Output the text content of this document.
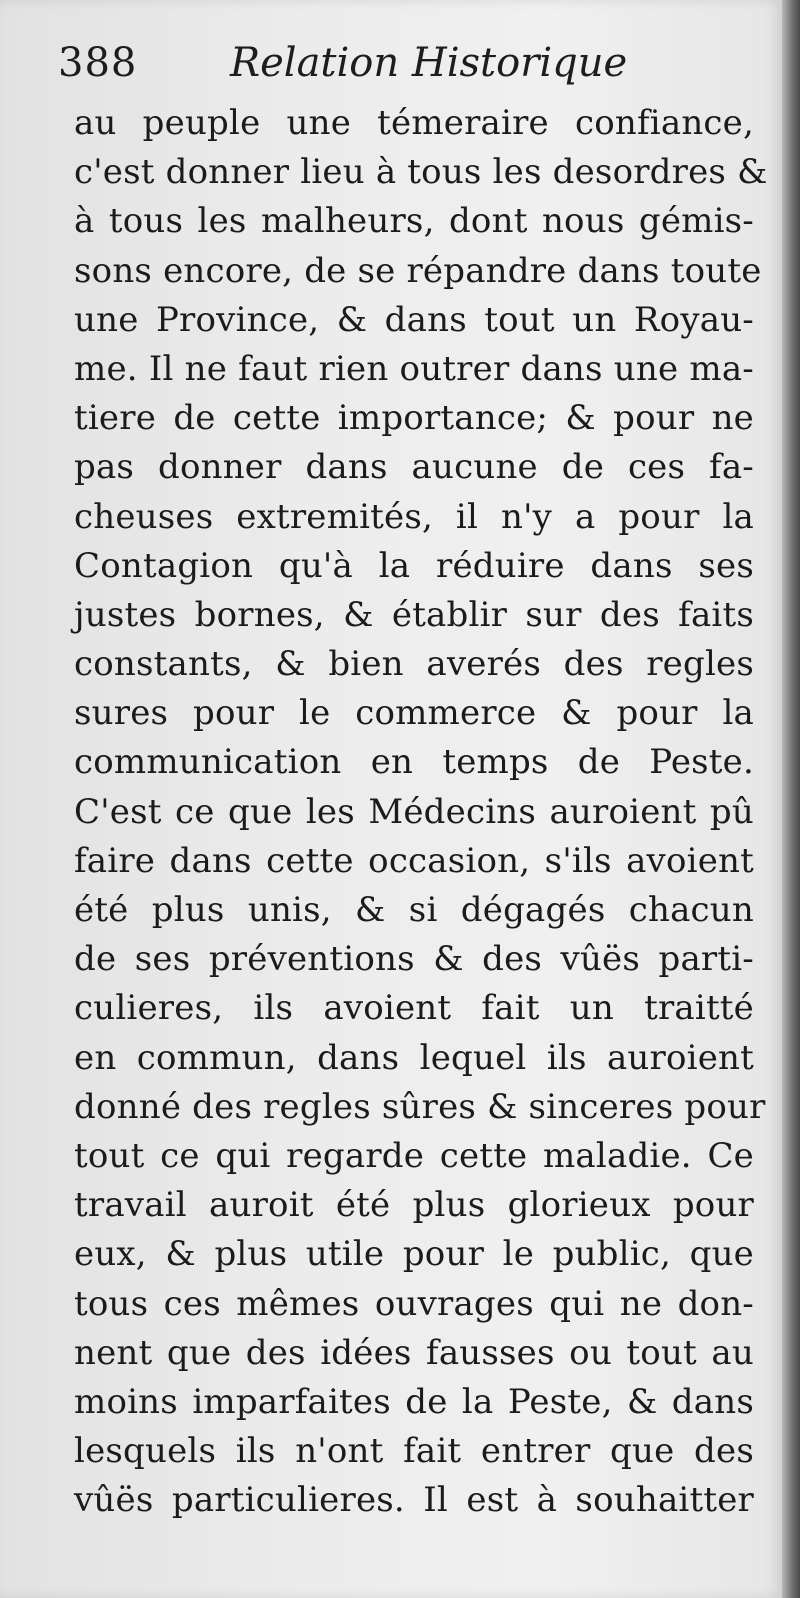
388	Relation Historique
au peuple une témeraire confiance,
c'est donner lieu à tous les desordres &
à tous les malheurs, dont nous gémis-
sons encore, de se répandre dans toute
une Province, & dans tout un Royau-
me. Il ne faut rien outrer dans une ma-
tiere de cette importance; & pour ne
pas donner dans aucune de ces fa-
cheuses extremités, il n'y a pour la
Contagion qu'à la réduire dans ses
justes bornes, & établir sur des faits
constants, & bien averés des regles
sures pour le commerce & pour la
communication en temps de Peste.
C'est ce que les Médecins auroient pû
faire dans cette occasion, s'ils avoient
été plus unis, & si dégagés chacun
de ses préventions & des vûës parti-
culieres, ils avoient fait un traitté
en commun, dans lequel ils auroient
donné des regles sûres & sinceres pour
tout ce qui regarde cette maladie. Ce
travail auroit été plus glorieux pour
eux, & plus utile pour le public, que
tous ces mêmes ouvrages qui ne don-
nent que des idées fausses ou tout au
moins imparfaites de la Peste, & dans
lesquels ils n'ont fait entrer que des
vûës particulieres. Il est à souhaitter
